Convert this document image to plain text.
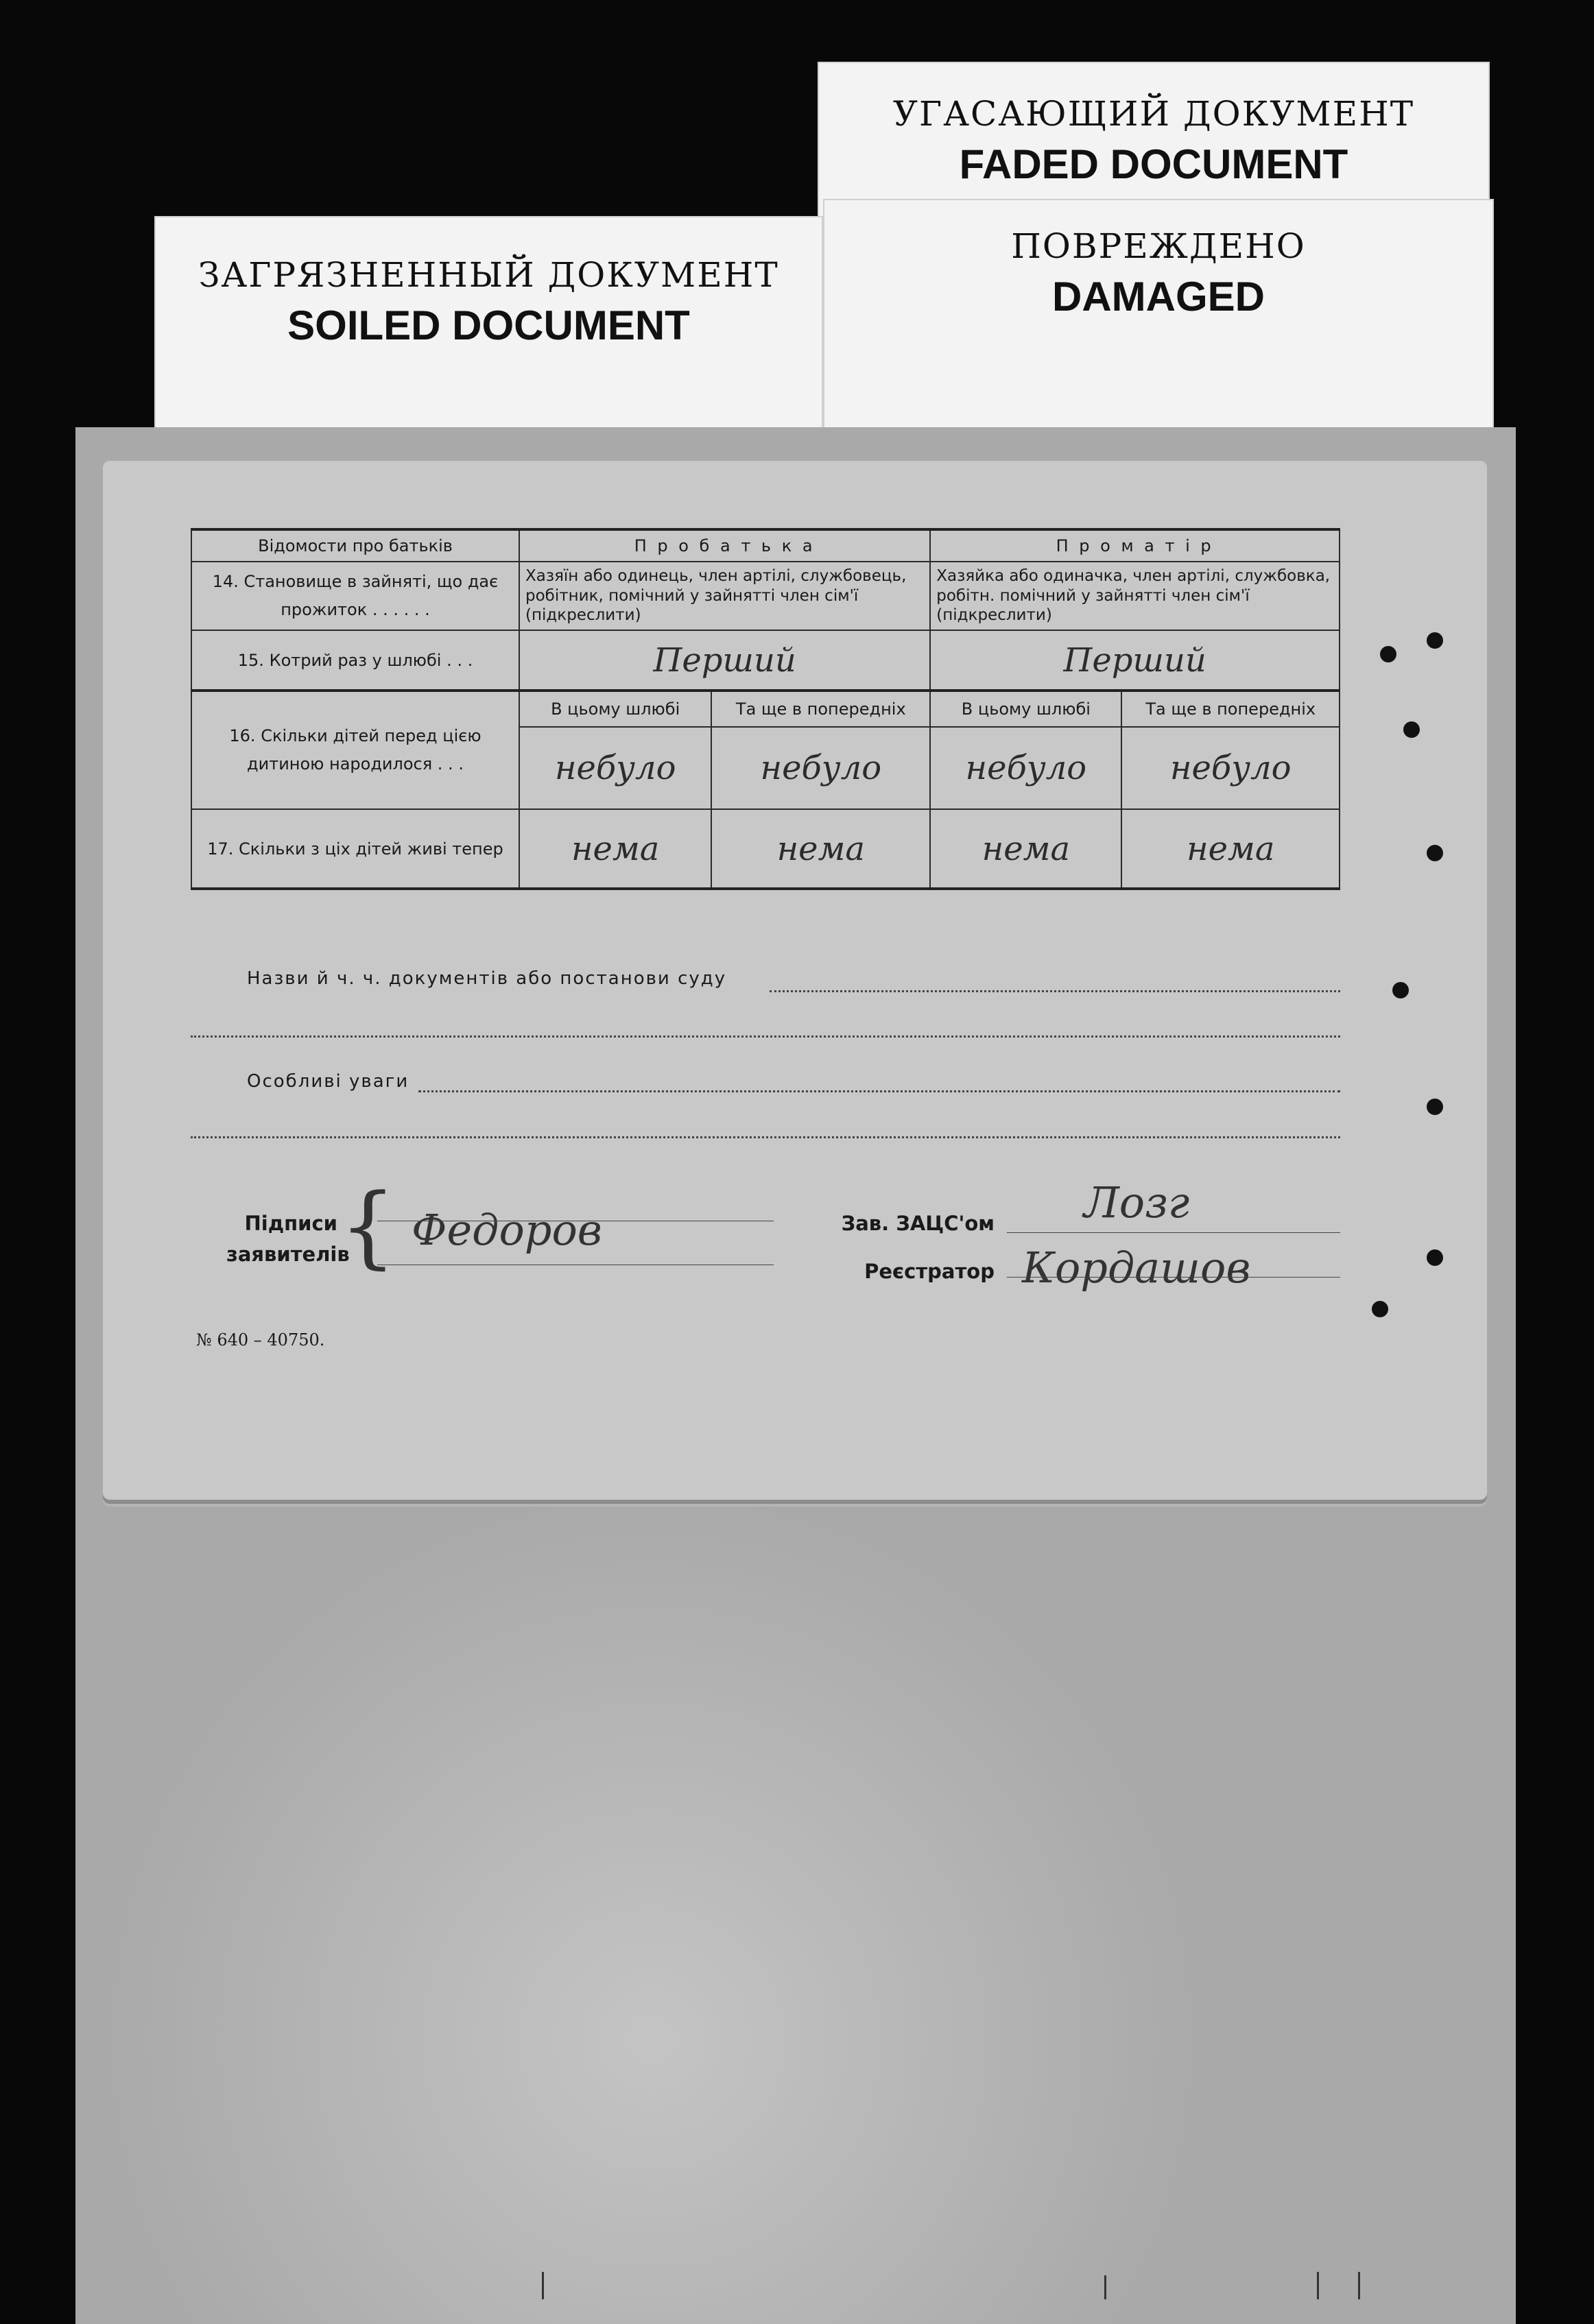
УГАСАЮЩИЙ ДОКУМЕНТ
FADED DOCUMENT
ПОВРЕЖДЕНО
DAMAGED
ЗАГРЯЗНЕННЫЙ ДОКУМЕНТ
SOILED DOCUMENT
Відомости про батьків	П р о б а т ь к а		П р о м а т і р	
14. Становище в зайняті, що дає прожиток . . . . . .	Хазяїн або одинець, член артілі, службовець, робітник, помічний у зайнятті член сім'ї (підкреслити)		Хазяйка або одиначка, член артілі, службовка, робітн. помічний у зайнятті член сім'ї (підкреслити)	
15. Котрий раз у шлюбі . . .	Перший		Перший	
16. Скільки дітей перед цією дитиною народилося . . .	В цьому шлюбі	Та ще в попередніх	В цьому шлюбі	Та ще в попередніх
	небуло	небуло	небуло	небуло
17. Скільки з ціх дітей живі тепер	нема	нема	нема	нема
Назви й ч. ч. документів або постанови суду
Особливі уваги
Підписи
заявителів
{ Федоров	Зав. ЗАЦС'ом Лозг
Реєстратор Кордашов
№ 640 – 40750.
